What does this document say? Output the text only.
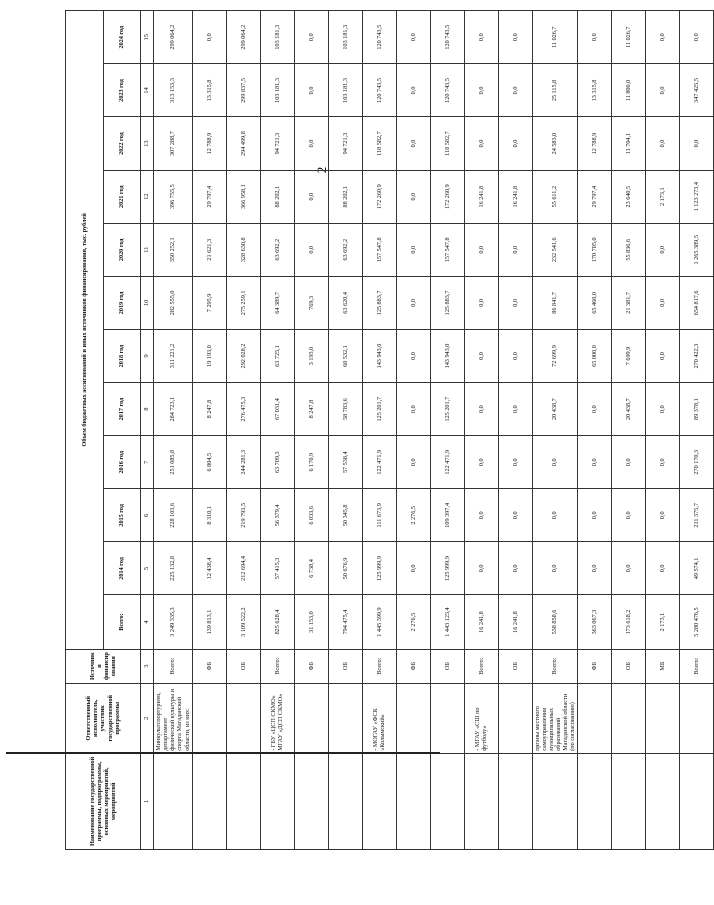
2
Наименование государственной программы, подпрограммы, основных мероприятий, мероприятий	Ответственный исполнитель, участник государственной программы	Источники финансирования	Объем бюджетных ассигнований и иных источников финансирования, тыс. рублей											
			Всего:	2014 год	2015 год	2016 год	2017 год	2018 год	2019 год	2020 год	2021 год	2022 год	2023 год	2024 год
1	2	3	4	5	6	7	8	9	10	11	12	13	14	15
	Минкультспортуризм, департамент физической культуры и спорта Магаданской области, из них:	Всего:	3 249 335,3	225 132,8	228 103,6	251 085,8	284 723,1	311 221,2	282 555,0	350 252,1	396 755,5	307 288,7	313 153,3	299 064,2
		ФБ	139 813,1	12 438,4	8 310,1	6 804,5	8 247,8	19 193,0	7 295,9	21 621,3	29 797,4	12 788,9	13 315,8	0,0
		ОБ	3 109 522,2	212 694,4	219 793,5	244 281,3	276 475,3	292 028,2	275 259,1	328 630,8	366 958,1	294 499,8	299 837,5	299 064,2
	- ГБУ «ЦСП СКМО» МГАУ «ДСП СКМО»	Всего:	825 628,4	57 415,3	56 379,4	63 709,3	67 031,4	63 725,1	64 389,7	63 692,2	88 202,1	94 721,3	103 181,3	103 181,3
		ФБ	31 153,0	6 738,4	6 033,6	6 170,9	8 247,8	3 193,0	769,3	0,0	0,0	0,0	0,0	0,0
		ОБ	794 475,4	50 676,9	50 345,8	57 538,4	58 783,6	60 532,1	63 620,4	63 692,2	88 202,1	94 721,3	103 181,3	103 181,3
	- МОГАУ «ФСК «Колымский»	Всего:	1 445 399,9	125 999,9	111 673,9	122 471,9	125 201,7	143 943,0	125 883,7	157 547,8	172 260,9	118 582,7	120 743,5	120 743,5
		ФБ	2 276,5	0,0	2 276,5	0,0	0,0	0,0	0,0	0,0	0,0	0,0	0,0	0,0
		ОБ	1 443 123,4	125 999,9	109 397,4	122 471,9	125 201,7	143 943,0	125 883,7	157 547,8	172 260,9	118 582,7	120 743,5	120 743,5
	- МГАУ «СШ по футболу»	Всего:	16 241,8	0,0	0,0	0,0	0,0	0,0	0,0	0,0	16 241,8	0,0	0,0	0,0
		ОБ	16 241,8	0,0	0,0	0,0	0,0	0,0	0,0	0,0	16 241,8	0,0	0,0	0,0
	органы местного самоуправления муниципальных образований Магаданской области (по согласованию)	Всего:	538 858,6	0,0	0,0	0,0	20 438,7	72 699,9	86 841,7	232 541,6	55 611,2	24 583,0	25 115,8	11 026,7
		ФБ	363 067,3	0,0	0,0	0,0	0,0	65 000,0	65 460,0	170 705,0	29 797,4	12 788,9	13 315,8	0,0
		ОБ	173 618,2	0,0	0,0	0,0	20 438,7	7 699,9	21 381,7	55 836,6	23 640,5	11 704,1	11 800,0	11 026,7
		МБ	2 173,1	0,0	0,0	0,0	0,0	0,0	0,0	0,0	2 173,1	0,0	0,0	0,0
		Всего:	5 280 476,5	49 574,1	211 375,7	270 170,3	89 378,1	270 422,3	654 817,6	1 265 389,5	1 123 273,4	0,0	347 425,5	0,0
